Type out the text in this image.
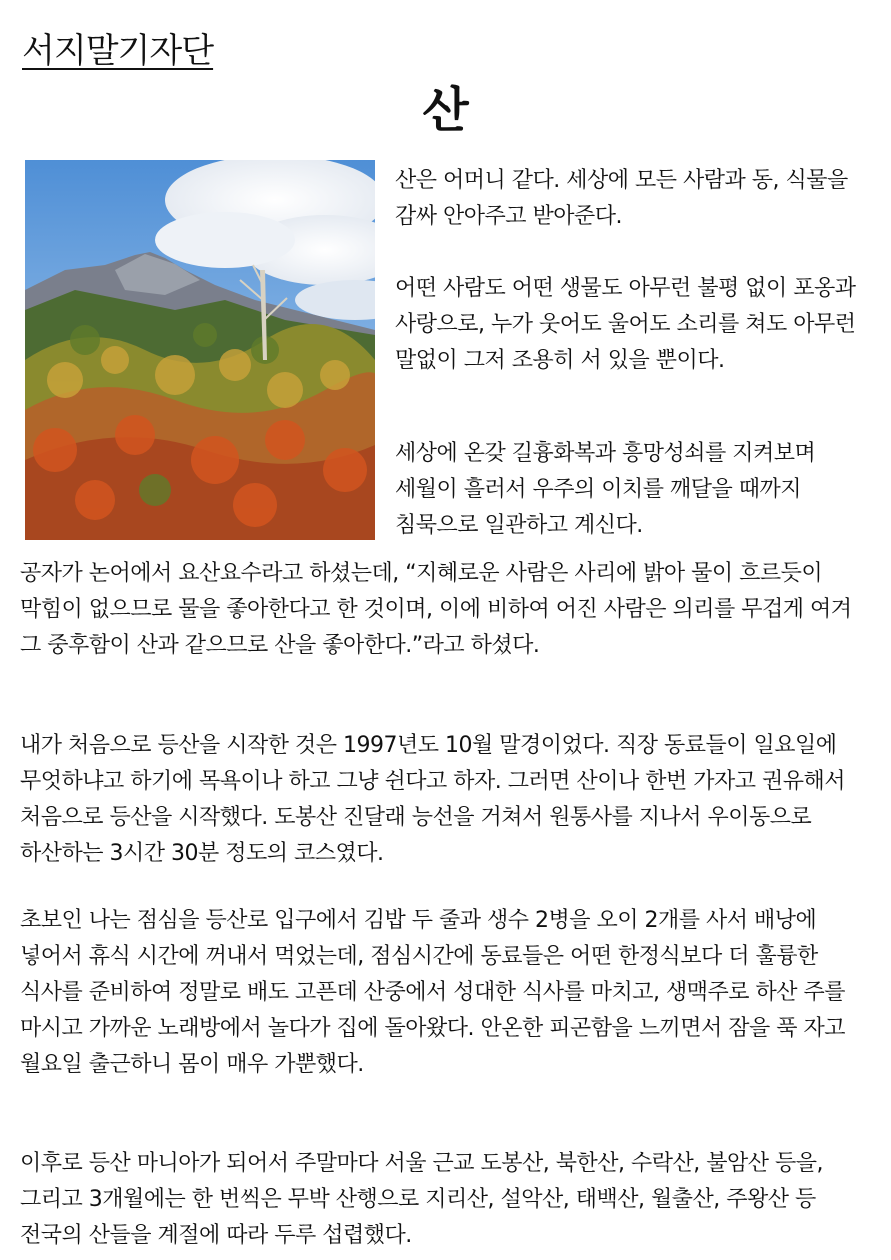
서지말기자단
산

산은 어머니 같다. 세상에 모든 사람과 동, 식물을 감싸 안아주고 받아준다.

어떤 사람도 어떤 생물도 아무런 불평 없이 포옹과 사랑으로, 누가 웃어도 울어도 소리를 쳐도 아무런 말없이 그저 조용히 서 있을 뿐이다.

세상에 온갖 길흉화복과 흥망성쇠를 지켜보며 세월이 흘러서 우주의 이치를 깨달을 때까지 침묵으로 일관하고 계신다.

공자가 논어에서 요산요수라고 하셨는데, “지혜로운 사람은 사리에 밝아 물이 흐르듯이 막힘이 없으므로 물을 좋아한다고 한 것이며, 이에 비하여 어진 사람은 의리를 무겁게 여겨 그 중후함이 산과 같으므로 산을 좋아한다.”라고 하셨다.

내가 처음으로 등산을 시작한 것은 1997년도 10월 말경이었다. 직장 동료들이 일요일에 무엇하냐고 하기에 목욕이나 하고 그냥 쉰다고 하자. 그러면 산이나 한번 가자고 권유해서 처음으로 등산을 시작했다. 도봉산 진달래 능선을 거쳐서 원통사를 지나서 우이동으로 하산하는 3시간 30분 정도의 코스였다.

초보인 나는 점심을 등산로 입구에서 김밥 두 줄과 생수 2병을 오이 2개를 사서 배낭에 넣어서 휴식 시간에 꺼내서 먹었는데, 점심시간에 동료들은 어떤 한정식보다 더 훌륭한 식사를 준비하여 정말로 배도 고픈데 산중에서 성대한 식사를 마치고, 생맥주로 하산 주를 마시고 가까운 노래방에서 놀다가 집에 돌아왔다. 안온한 피곤함을 느끼면서 잠을 푹 자고 월요일 출근하니 몸이 매우 가뿐했다.

이후로 등산 마니아가 되어서 주말마다 서울 근교 도봉산, 북한산, 수락산, 불암산 등을, 그리고 3개월에는 한 번씩은 무박 산행으로 지리산, 설악산, 태백산, 월출산, 주왕산 등 전국의 산들을 계절에 따라 두루 섭렵했다.
